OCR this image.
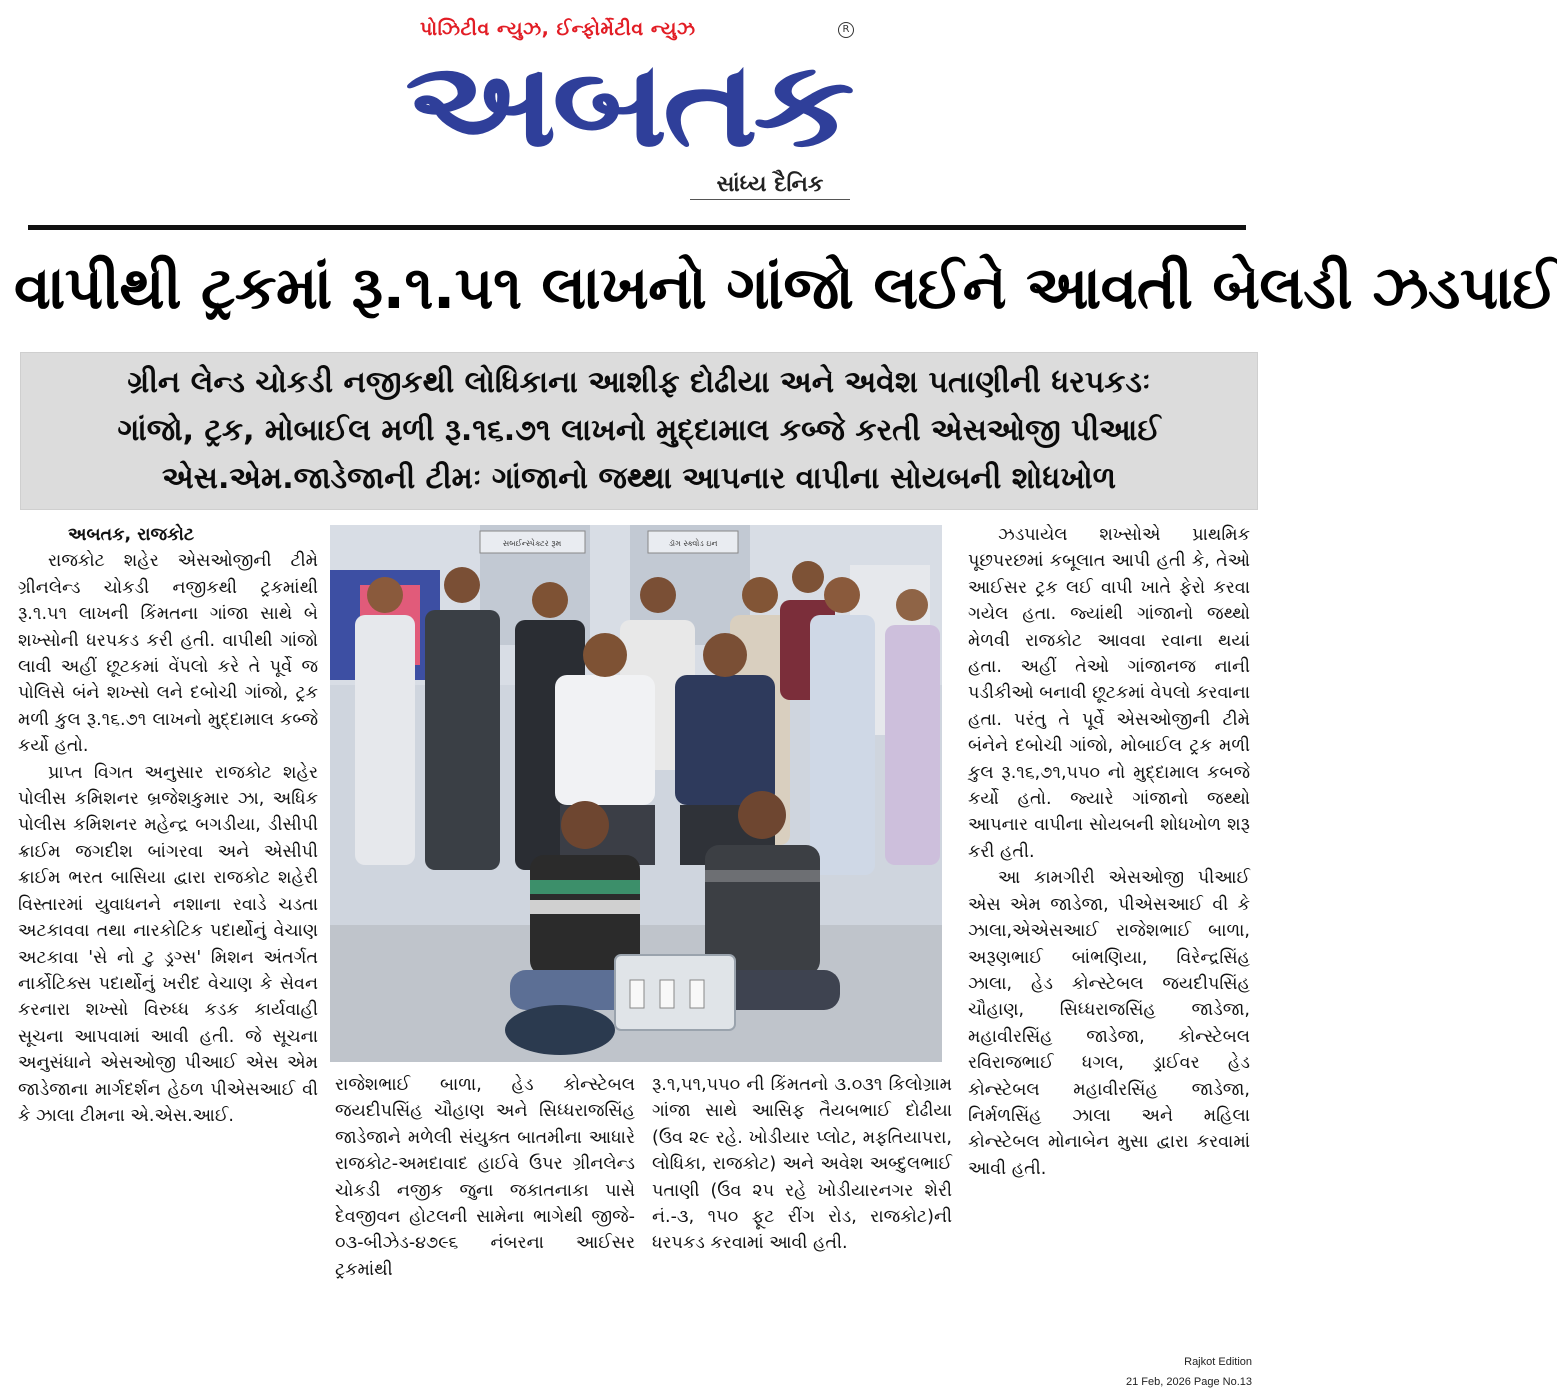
પોઝિટીવ ન્યુઝ, ઈન્ફોર્મેટીવ ન્યુઝ	R
અબતક
સાંધ્ય દૈનિક
વાપીથી ટ્રકમાં રૂ.૧.૫૧ લાખનો ગાંજો લઈને આવતી બેલડી ઝડપાઈ
ગ્રીન લેન્ડ ચોકડી નજીકથી લોધિકાના આશીફ દોઢીયા અને અવેશ પતાણીની ધરપકડઃ
ગાંજો, ટ્રક, મોબાઈલ મળી રૂ.૧૬.૭૧ લાખનો મુદ્દામાલ કબ્જે કરતી એસઓજી પીઆઈ
એસ.એમ.જાડેજાની ટીમઃ ગાંજાનો જથ્થા આપનાર વાપીના સોયબની શોધખોળ

અબતક, રાજકોટ

રાજકોટ શહેર એસઓજીની ટીમે ગ્રીનલેન્ડ ચોકડી નજીકથી ટ્રકમાંથી રૂ.૧.૫૧ લાખની કિંમતના ગાંજા સાથે બે શખ્સોની ધરપકડ કરી હતી. વાપીથી ગાંજો લાવી અહીં છૂટકમાં વેંપલો કરે તે પૂર્વે જ પોલિસે બંને શખ્સો લને દબોચી ગાંજો, ટ્રક મળી કુલ રૂ.૧૬.૭૧ લાખનો મુદ્દામાલ કબ્જે કર્યો હતો.

પ્રાપ્ત વિગત અનુસાર રાજકોટ શહેર પોલીસ કમિશનર બ્રજેશકુમાર ઝા, અધિક પોલીસ કમિશનર મહેન્દ્ર બગડીયા, ડીસીપી ક્રાઈમ જગદીશ બાંગરવા અને એસીપી ક્રાઈમ ભરત બાસિયા દ્વારા રાજકોટ શહેરી વિસ્તારમાં યુવાધનને નશાના રવાડે ચડતા અટકાવવા તથા નારકોટિક પદાર્થોનું વેચાણ અટકાવા 'સે નો ટુ ડ્રગ્સ' મિશન અંતર્ગત નાર્કોટિક્સ પદાર્થોનું ખરીદ વેચાણ કે સેવન કરનારા શખ્સો વિરુધ્ધ કડક કાર્યવાહી સૂચના આપવામાં આવી હતી. જે સૂચના અનુસંધાને એસઓજી પીઆઈ એસ એમ જાડેજાના માર્ગદર્શન હેઠળ પીએસઆઈ વી કે ઝાલા ટીમના એ.એસ.આઈ.

સબઈન્સ્પેક્ટર રૂમ	ડૉગ સ્ક્વોડ ઇન

રાજેશભાઈ બાળા, હેડ કોન્સ્ટેબલ જયદીપસિંહ ચૌહાણ અને સિધ્ધરાજસિંહ જાડેજાને મળેલી સંયુક્ત બાતમીના આધારે રાજકોટ-અમદાવાદ હાઈવે ઉપર ગ્રીનલેન્ડ ચોકડી નજીક જુના જકાતનાકા પાસે દેવજીવન હોટલની સામેના ભાગેથી જીજે- ૦૩-બીઝેડ-૪૭૯૬ નંબરના આઈસર ટ્રકમાંથી

રૂ.૧,૫૧,૫૫૦ ની કિંમતનો ૩.૦૩૧ કિલોગ્રામ ગાંજા સાથે આસિફ તૈયબભાઈ દોઢીયા (ઉવ ૨૯ રહે. ખોડીયાર પ્લોટ, મફતિયાપરા, લોધિકા, રાજકોટ) અને અવેશ અબ્દુલભાઈ પતાણી (ઉવ ૨૫ રહે ખોડીયારનગર શેરી નં.-૩, ૧૫૦ ફૂટ રીંગ રોડ, રાજકોટ)ની ધરપકડ કરવામાં આવી હતી.

ઝડપાયેલ શખ્સોએ પ્રાથમિક પૂછપરછમાં કબૂલાત આપી હતી કે, તેઓ આઈસર ટ્રક લઈ વાપી ખાતે ફેરો કરવા ગયેલ હતા. જ્યાંથી ગાંજાનો જથ્થો મેળવી રાજકોટ આવવા રવાના થયાં હતા. અહીં તેઓ ગાંજાનજ નાની પડીકીઓ બનાવી છૂટકમાં વેપલો કરવાના હતા. પરંતુ તે પૂર્વે એસઓજીની ટીમે બંનેને દબોચી ગાંજો, મોબાઈલ ટ્રક મળી કુલ રૂ.૧૬,૭૧,૫૫૦ નો મુદ્દામાલ કબજે કર્યો હતો. જ્યારે ગાંજાનો જથ્થો આપનાર વાપીના સોયબની શોધખોળ શરૂ કરી હતી.

આ કામગીરી એસઓજી પીઆઈ એસ એમ જાડેજા, પીએસઆઈ વી કે ઝાલા,એએસઆઈ રાજેશભાઈ બાળા, અરૂણભાઈ બાંભણિયા, વિરેન્દ્રસિંહ ઝાલા, હેડ કોન્સ્ટેબલ જયદીપસિંહ ચૌહાણ, સિધ્ધરાજસિંહ જાડેજા, મહાવીરસિંહ જાડેજા, કોન્સ્ટેબલ રવિરાજભાઈ ધગલ, ડ્રાઈવર હેડ કોન્સ્ટેબલ મહાવીરસિંહ જાડેજા, નિર્મળસિંહ ઝાલા અને મહિલા કોન્સ્ટેબલ મોનાબેન મુસા દ્વારા કરવામાં આવી હતી.

Rajkot Edition
21 Feb, 2026 Page No.13
